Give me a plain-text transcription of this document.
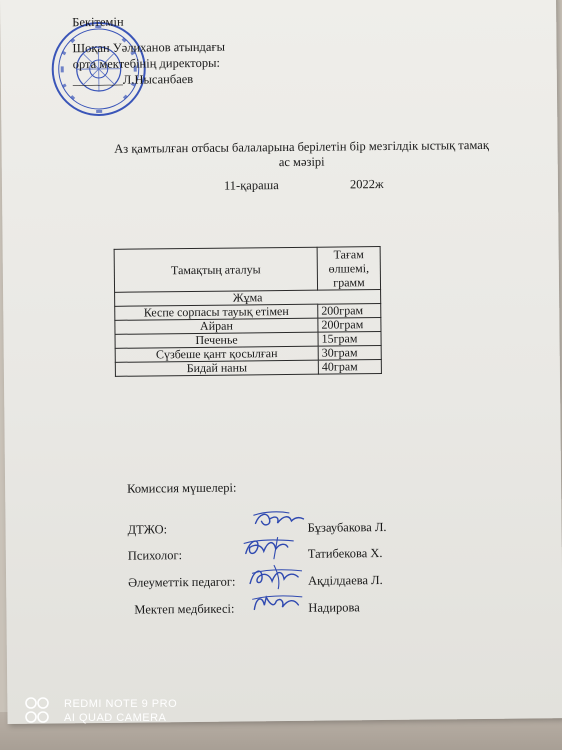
Бекітемін
Шоқан Уәлиханов атындағы
орта мектебінің директоры:
________Л.Нысанбаев
Аз қамтылған отбасы балаларына берілетін бір мезгілдік ыстық тамақ
ас мәзірі
11-қараша	2022ж
Тамақтың аталуы	Тағам өлшемі, грамм
Жұма	
Кеспе сорпасы тауық етімен	200грам
Айран	200грам
Печенье	15грам
Сүзбеше қант қосылған	30грам
Бидай наны	40грам
Комиссия мүшелері:
ДТЖО:	Бұзаубакова Л.
Психолог:	Татибекова Х.
Әлеуметтік педагог:	Ақділдаева Л.
Мектеп медбикесі:	Надирова
REDMI NOTE 9 PRO
AI QUAD CAMERA
